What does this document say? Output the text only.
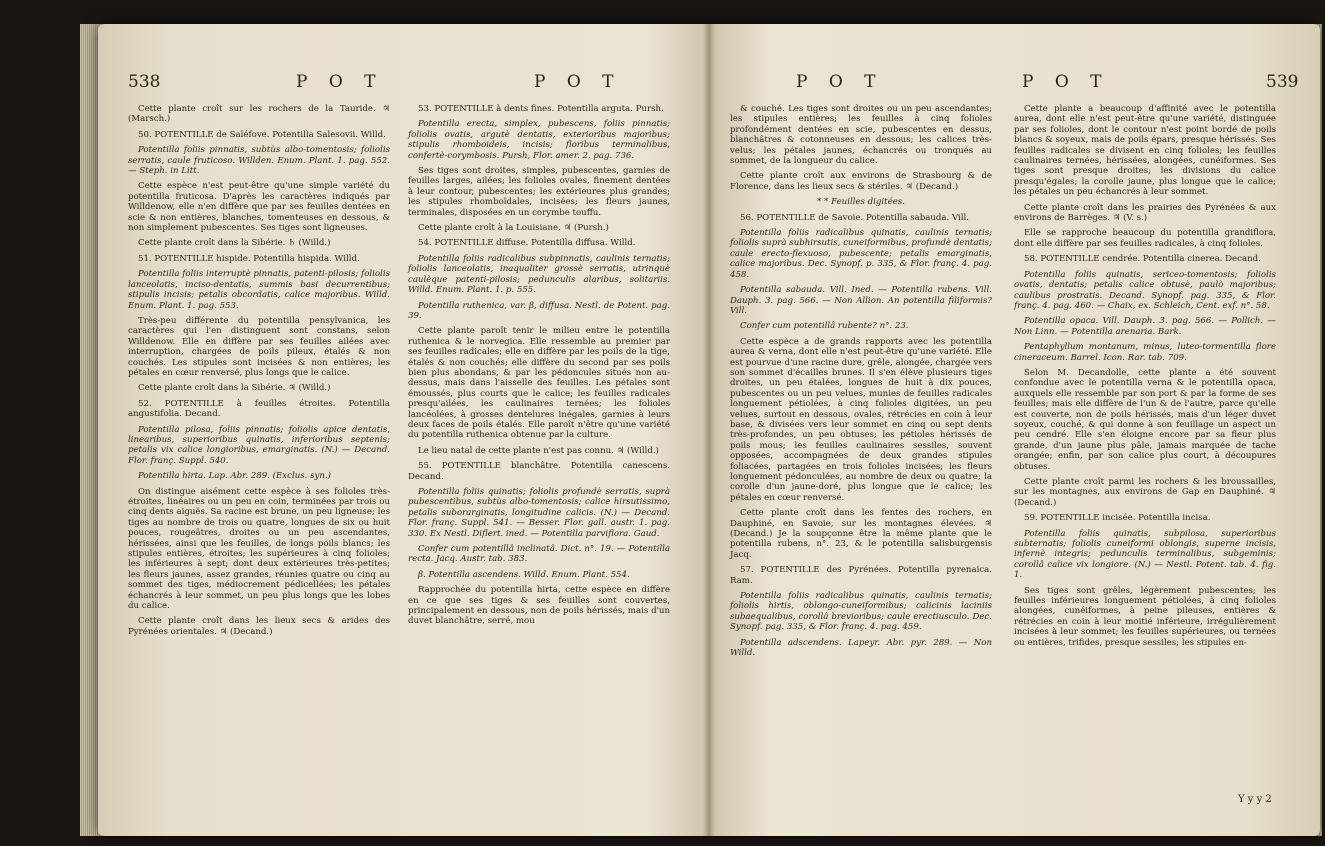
538	P O T	P O T

Cette plante croît sur les rochers de la Tauride. ♃ (Marsch.)

50. POTENTILLE de Saléfove. Potentilla Salesovii. Willd.

Potentilla foliis pinnatis, subtùs albo-tomentosis; foliolis serratis, caule fruticoso. Willden. Enum. Plant. 1. pag. 552. — Steph. in Litt.

Cette espèce n'est peut-être qu'une simple variété du potentilla fruticosa. D'après les caractères indiqués par Willdenow, elle n'en diffère que par ses feuilles dentées en scie & non entières, blanches, tomenteuses en dessous, & non simplement pubescentes. Ses tiges sont ligneuses.

Cette plante croît dans la Sibérie. ♄ (Willd.)

51. POTENTILLE hispide. Potentilla hispida. Willd.

Potentilla foliis interruptè pinnatis, patenti-pilosis; foliolis lanceolatis, inciso-dentatis, summis basi decurrentibus; stipulis incisis; petalis obcordatis, calice majoribus. Willd. Enum. Plant. 1. pag. 553.

Très-peu différente du potentilla pensylvanica, les caractères qui l'en distinguent sont constans, selon Willdenow. Elle en diffère par ses feuilles ailées avec interruption, chargées de poils pileux, étalés & non couchés. Les stipules sont incisées & non entières; les pétales en cœur renversé, plus longs que le calice.

Cette plante croît dans la Sibérie. ♃ (Willd.)

52. POTENTILLE à feuilles étroites. Potentilla angustifolia. Decand.

Potentilla pilosa, foliis pinnatis; foliolis apice dentatis, linearibus, superioribus quinatis, inferioribus septenis; petalis vix calice longioribus, emarginatis. (N.) — Decand. Flor. franç. Suppl. 540.

Potentilla hirta. Lap. Abr. 289. (Exclus. syn.)

On distingue aisément cette espèce à ses folioles très-étroites, linéaires ou un peu en coin, terminées par trois ou cinq dents aiguës. Sa racine est brune, un peu ligneuse; les tiges au nombre de trois ou quatre, longues de six ou huit pouces, rougeâtres, droites ou un peu ascendantes, hérissées, ainsi que les feuilles, de longs poils blancs; les stipules entières, étroites; les supérieures à cinq folioles; les inférieures à sept; dont deux extérieures très-petites; les fleurs jaunes, assez grandes, réunies quatre ou cinq au sommet des tiges, médiocrement pédicellées; les pétales échancrés à leur sommet, un peu plus longs que les lobes du calice.

Cette plante croît dans les lieux secs & arides des Pyrénées orientales. ♃ (Decand.)

53. POTENTILLE à dents fines. Potentilla arguta. Pursh.

Potentilla erecta, simplex, pubescens, foliis pinnatis; foliolis ovatis, argutè dentatis, exterioribus majoribus; stipulis rhomboideis, incisis; floribus terminalibus, confertè-corymbosis. Pursh, Flor. amer. 2. pag. 736.

Ses tiges sont droites, simples, pubescentes, garnies de feuilles larges, ailées; les folioles ovales, finement dentées à leur contour, pubescentes; les extérieures plus grandes; les stipules rhomboïdales, incisées; les fleurs jaunes, terminales, disposées en un corymbe touffu.

Cette plante croît à la Louisiane. ♃ (Pursh.)

54. POTENTILLE diffuse. Potentilla diffusa. Willd.

Potentilla foliis radicalibus subpinnatis, caulinis ternatis; foliolis lanceolatis, inaqualiter grossè serratis, utrinquè caulèque patenti-pilosis; pedunculis alaribus, solitariis. Willd. Enum. Plant. 1. p. 555.

Potentilla ruthenica, var. β, diffusa. Nestl. de Potent. pag. 39.

Cette plante paroît tenir le milieu entre le potentilla ruthenica & le norvegica. Elle ressemble au premier par ses feuilles radicales; elle en diffère par les poils de la tige, étalés & non couchés; elle diffère du second par ses poils bien plus abondans, & par les pédoncules situés non au-dessus, mais dans l'aisselle des feuilles. Les pétales sont émoussés, plus courts que le calice; les feuilles radicales presqu'ailées, les caulinaires ternées; les folioles lancéolées, à grosses dentelures inégales, garnies à leurs deux faces de poils étalés. Elle paroît n'être qu'une variété du potentilla ruthenica obtenue par la culture.

Le lieu natal de cette plante n'est pas connu. ♃ (Willd.)

55. POTENTILLE blanchâtre. Potentilla canescens. Decand.

Potentilla foliis quinatis; foliolis profundè serratis, suprà pubescentibus, subtùs albo-tomentosis; calice hirsutissimo, petalis suborarginatis, longitudine calicis. (N.) — Decand. Flor. franç. Suppl. 541. — Besser. Flor. gall. austr. 1. pag. 330. Ex Nestl. Diflert. ined. — Potentilla parviflora. Gaud.

Confer cum potentillâ inclinatâ. Dict. n°. 19. — Potentilla recta. Jacq. Austr. tab. 383.

β. Potentilla ascendens. Willd. Enum. Plant. 554.

Rapprochée du potentilla hirta, cette espèce en diffère en ce que ses tiges & ses feuilles sont couvertes, principalement en dessous, non de poils hérissés, mais d'un duvet blanchâtre, serré, mou

P O T	P O T	539

& couché. Les tiges sont droites ou un peu ascendantes; les stipules entières; les feuilles à cinq folioles profondément dentées en scie, pubescentes en dessus, blanchâtres & cotonneuses en dessous; les calices très-velus; les pétales jaunes, échancrés ou tronqués au sommet, de la longueur du calice.

Cette plante croît aux environs de Strasbourg & de Florence, dans les lieux secs & stériles. ♃ (Decand.)

* * Feuilles digitées.

56. POTENTILLE de Savoie. Potentilla sabauda. Vill.

Potentilla foliis radicalibus quinatis, caulinis ternatis; foliolis suprà subhirsutis, cuneiformibus, profundè dentatis; caule erecto-flexuoso, pubescente; petalis emarginatis, calice majoribus. Dec. Synopf. p. 335, & Flor. franç. 4. pag. 458.

Potentilla sabauda. Vill. Ined. — Potentilla rubens. Vill. Dauph. 3. pag. 566. — Non Allion. An potentilla filiformis? Vill.

Confer cum potentillâ rubente? n°. 23.

Cette espèce a de grands rapports avec les potentilla aurea & verna, dont elle n'est peut-être qu'une variété. Elle est pourvue d'une racine dure, grêle, alongée, chargée vers son sommet d'écailles brunes. Il s'en élève plusieurs tiges droites, un peu étalées, longues de huit à dix pouces, pubescentes ou un peu velues, munies de feuilles radicales longuement pétiolées, à cinq folioles digitées, un peu velues, surtout en dessous, ovales, rétrécies en coin à leur base, & divisées vers leur sommet en cinq ou sept dents très-profondes, un peu obtuses; les pétioles hérissés de poils mous; les feuilles caulinaires sessiles, souvent opposées, accompagnées de deux grandes stipules foliacées, partagées en trois folioles incisées; les fleurs longuement pédonculées, au nombre de deux ou quatre; la corolle d'un jaune-doré, plus longue que le calice; les pétales en cœur renversé.

Cette plante croît dans les fentes des rochers, en Dauphiné, en Savoie, sur les montagnes élevées. ♃ (Decand.) Je la soupçonne être la même plante que le potentilla rubens, n°. 23, & le potentilla salisburgensis Jacq.

57. POTENTILLE des Pyrénées. Potentilla pyrenaica. Ram.

Potentilla foliis radicalibus quinatis, caulinis ternatis; foliolis hirtis, oblongo-cuneiformibus; calicinis laciniis subaequalibus, corollâ brevioribus; caule erectiusculo. Dec. Synopf. pag. 335, & Flor. franç. 4. pag. 459.

Potentilla adscendens. Lapeyr. Abr. pyr. 289. — Non Willd.

Cette plante a beaucoup d'affinité avec le potentilla aurea, dont elle n'est peut-être qu'une variété, distinguée par ses folioles, dont le contour n'est point bordé de poils blancs & soyeux, mais de poils épars, presque hérissés. Ses feuilles radicales se divisent en cinq folioles; les feuilles caulinaires ternées, hérissées, alongées, cunéiformes. Ses tiges sont presque droites; les divisions du calice presqu'égales; la corolle jaune, plus longue que le calice; les pétales un peu échancrés à leur sommet.

Cette plante croît dans les prairies des Pyrénées & aux environs de Barrèges. ♃ (V. s.)

Elle se rapproche beaucoup du potentilla grandiflora, dont elle diffère par ses feuilles radicales, à cinq folioles.

58. POTENTILLE cendrée. Potentilla cinerea. Decand.

Potentilla foliis quinatis, sericeo-tomentosis; foliolis ovatis, dentatis; petalis calice obtusè, paulò majoribus; caulibus prostratis. Decand. Synopf. pag. 335, & Flor. franç. 4. pag. 460. — Chaix, ex. Schleich, Cent. exf. n°. 58.

Potentilla opaca. Vill. Dauph. 3. pag. 566. — Pollich. — Non Linn. — Potentilla arenaria. Bark.

Pentaphyllum montanum, minus, luteo-tormentilla flore cineraceum. Barrel. Icon. Rar. tab. 709.

Selon M. Decandolle, cette plante a été souvent confondue avec le potentilla verna & le potentilla opaca, auxquels elle ressemble par son port & par la forme de ses feuilles; mais elle diffère de l'un & de l'autre, parce qu'elle est couverte, non de poils hérissés, mais d'un léger duvet soyeux, couché, & qui donne à son feuillage un aspect un peu cendré. Elle s'en éloigne encore par sa fleur plus grande, d'un jaune plus pâle, jamais marquée de tache orangée; enfin, par son calice plus court, à découpures obtuses.

Cette plante croît parmi les rochers & les broussailles, sur les montagnes, aux environs de Gap en Dauphiné. ♃ (Decand.)

59. POTENTILLE incisée. Potentilla incisa.

Potentilla foliis quinatis, subpilosa, superioribus subternatis; foliolis cuneiformi oblongis, superne incisis, infernè integris; pedunculis terminalibus, subgeminis; corollâ calice vix longiore. (N.) — Nestl. Potent. tab. 4. fig. 1.

Ses tiges sont grêles, légèrement pubescentes; les feuilles inférieures longuement pétiolées, à cinq folioles alongées, cunéiformes, à peine pileuses, entières & rétrécies en coin à leur moitié inférieure, irrégulièrement incisées à leur sommet; les feuilles supérieures, ou ternées ou entières, trifides, presque sessiles; les stipules en-

Y y y 2
